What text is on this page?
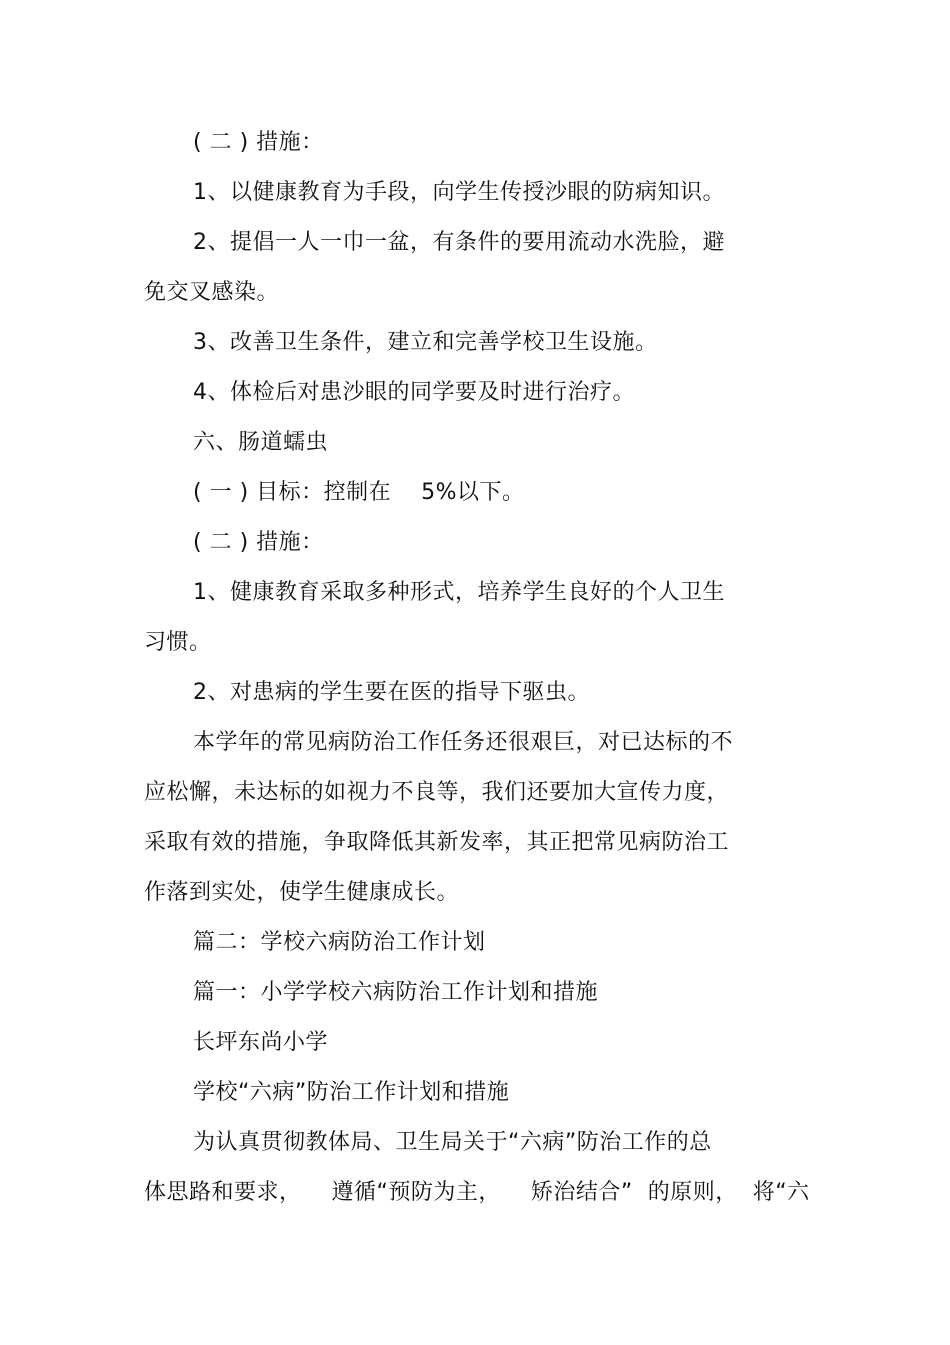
( 二 ) 措施：
1、以健康教育为手段，向学生传授沙眼的防病知识。
2、提倡一人一巾一盆，有条件的要用流动水洗脸，避
免交叉感染。
3、改善卫生条件，建立和完善学校卫生设施。
4、体检后对患沙眼的同学要及时进行治疗。
六、肠道蠕虫
( 一 ) 目标：控制在    5%以下。
( 二 ) 措施：
1、健康教育采取多种形式，培养学生良好的个人卫生
习惯。
2、对患病的学生要在医的指导下驱虫。
本学年的常见病防治工作任务还很艰巨，对已达标的不
应松懈，未达标的如视力不良等，我们还要加大宣传力度，
采取有效的措施，争取降低其新发率，其正把常见病防治工
作落到实处，使学生健康成长。
篇二：学校六病防治工作计划
篇一：小学学校六病防治工作计划和措施
长坪东尚小学
学校“六病”防治工作计划和措施
为认真贯彻教体局、卫生局关于“六病”防治工作的总
体思路和要求，    遵循“预防为主，    矫治结合”  的原则，  将“六
